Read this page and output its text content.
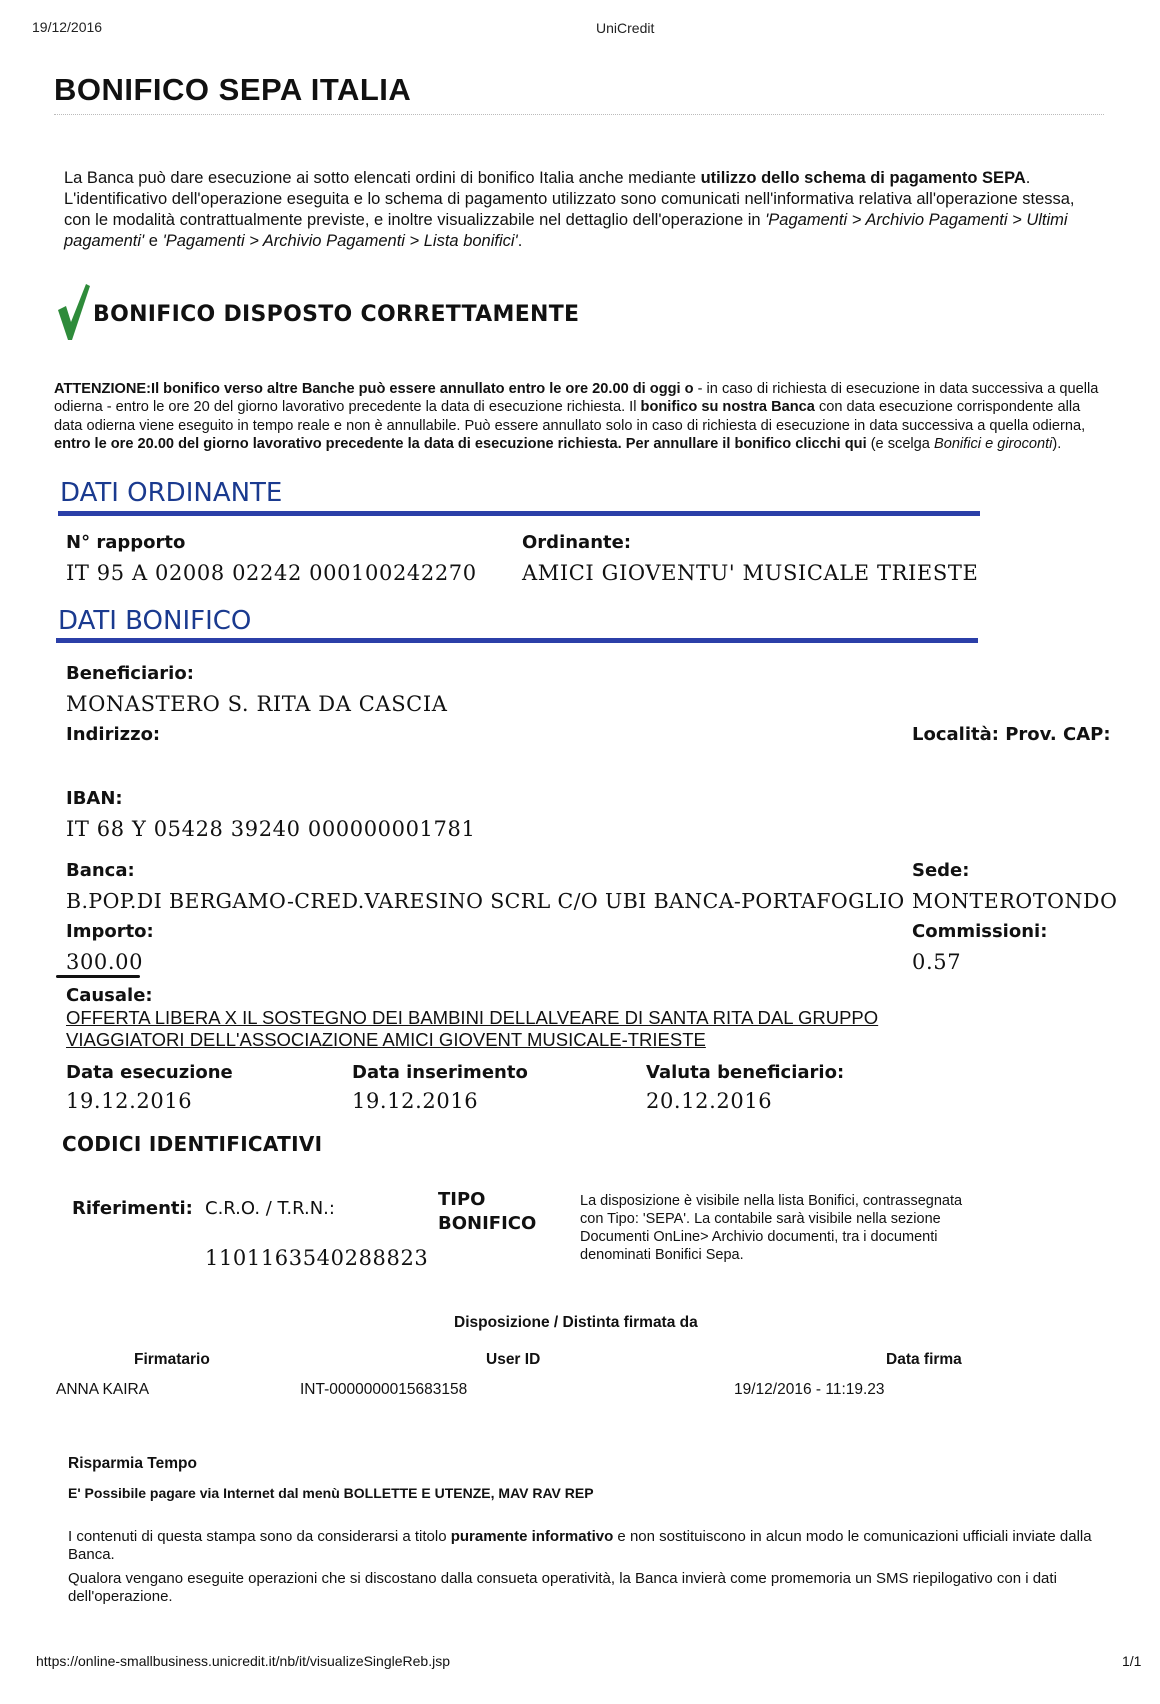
19/12/2016	UniCredit
BONIFICO SEPA ITALIA
La Banca può dare esecuzione ai sotto elencati ordini di bonifico Italia anche mediante utilizzo dello schema di pagamento SEPA. L'identificativo dell'operazione eseguita e lo schema di pagamento utilizzato sono comunicati nell'informativa relativa all'operazione stessa, con le modalità contrattualmente previste, e inoltre visualizzabile nel dettaglio dell'operazione in 'Pagamenti > Archivio Pagamenti > Ultimi pagamenti' e 'Pagamenti > Archivio Pagamenti > Lista bonifici'.
BONIFICO DISPOSTO CORRETTAMENTE
ATTENZIONE:Il bonifico verso altre Banche può essere annullato entro le ore 20.00 di oggi o - in caso di richiesta di esecuzione in data successiva a quella odierna - entro le ore 20 del giorno lavorativo precedente la data di esecuzione richiesta. Il bonifico su nostra Banca con data esecuzione corrispondente alla data odierna viene eseguito in tempo reale e non è annullabile. Può essere annullato solo in caso di richiesta di esecuzione in data successiva a quella odierna, entro le ore 20.00 del giorno lavorativo precedente la data di esecuzione richiesta. Per annullare il bonifico clicchi qui (e scelga Bonifici e giroconti).
DATI ORDINANTE
N° rapporto
IT 95 A 02008 02242 000100242270
Ordinante:
AMICI GIOVENTU' MUSICALE TRIESTE
DATI BONIFICO
Beneficiario:
MONASTERO S. RITA DA CASCIA
Indirizzo:	Località: Prov. CAP:
IBAN:
IT 68 Y 05428 39240 000000001781
Banca:
B.POP.DI BERGAMO-CRED.VARESINO SCRL C/O UBI BANCA-PORTAFOGLIO
Sede:
MONTEROTONDO
Importo:
300.00
Commissioni:
0.57
Causale:
OFFERTA LIBERA X IL SOSTEGNO DEI BAMBINI DELLALVEARE DI SANTA RITA DAL GRUPPO
VIAGGIATORI DELL'ASSOCIAZIONE AMICI GIOVENT MUSICALE-TRIESTE
Data esecuzione
19.12.2016
Data inserimento
19.12.2016
Valuta beneficiario:
20.12.2016
CODICI IDENTIFICATIVI
Riferimenti: C.R.O. / T.R.N.:
1101163540288823
TIPO
BONIFICO
La disposizione è visibile nella lista Bonifici, contrassegnata con Tipo: 'SEPA'. La contabile sarà visibile nella sezione Documenti OnLine> Archivio documenti, tra i documenti denominati Bonifici Sepa.
Disposizione / Distinta firmata da
Firmatario	User ID	Data firma
ANNA KAIRA	INT-0000000015683158	19/12/2016 - 11:19.23
Risparmia Tempo
E' Possibile pagare via Internet dal menù BOLLETTE E UTENZE, MAV RAV REP
I contenuti di questa stampa sono da considerarsi a titolo puramente informativo e non sostituiscono in alcun modo le comunicazioni ufficiali inviate dalla Banca.
Qualora vengano eseguite operazioni che si discostano dalla consueta operatività, la Banca invierà come promemoria un SMS riepilogativo con i dati dell'operazione.
https://online-smallbusiness.unicredit.it/nb/it/visualizeSingleReb.jsp	1/1
